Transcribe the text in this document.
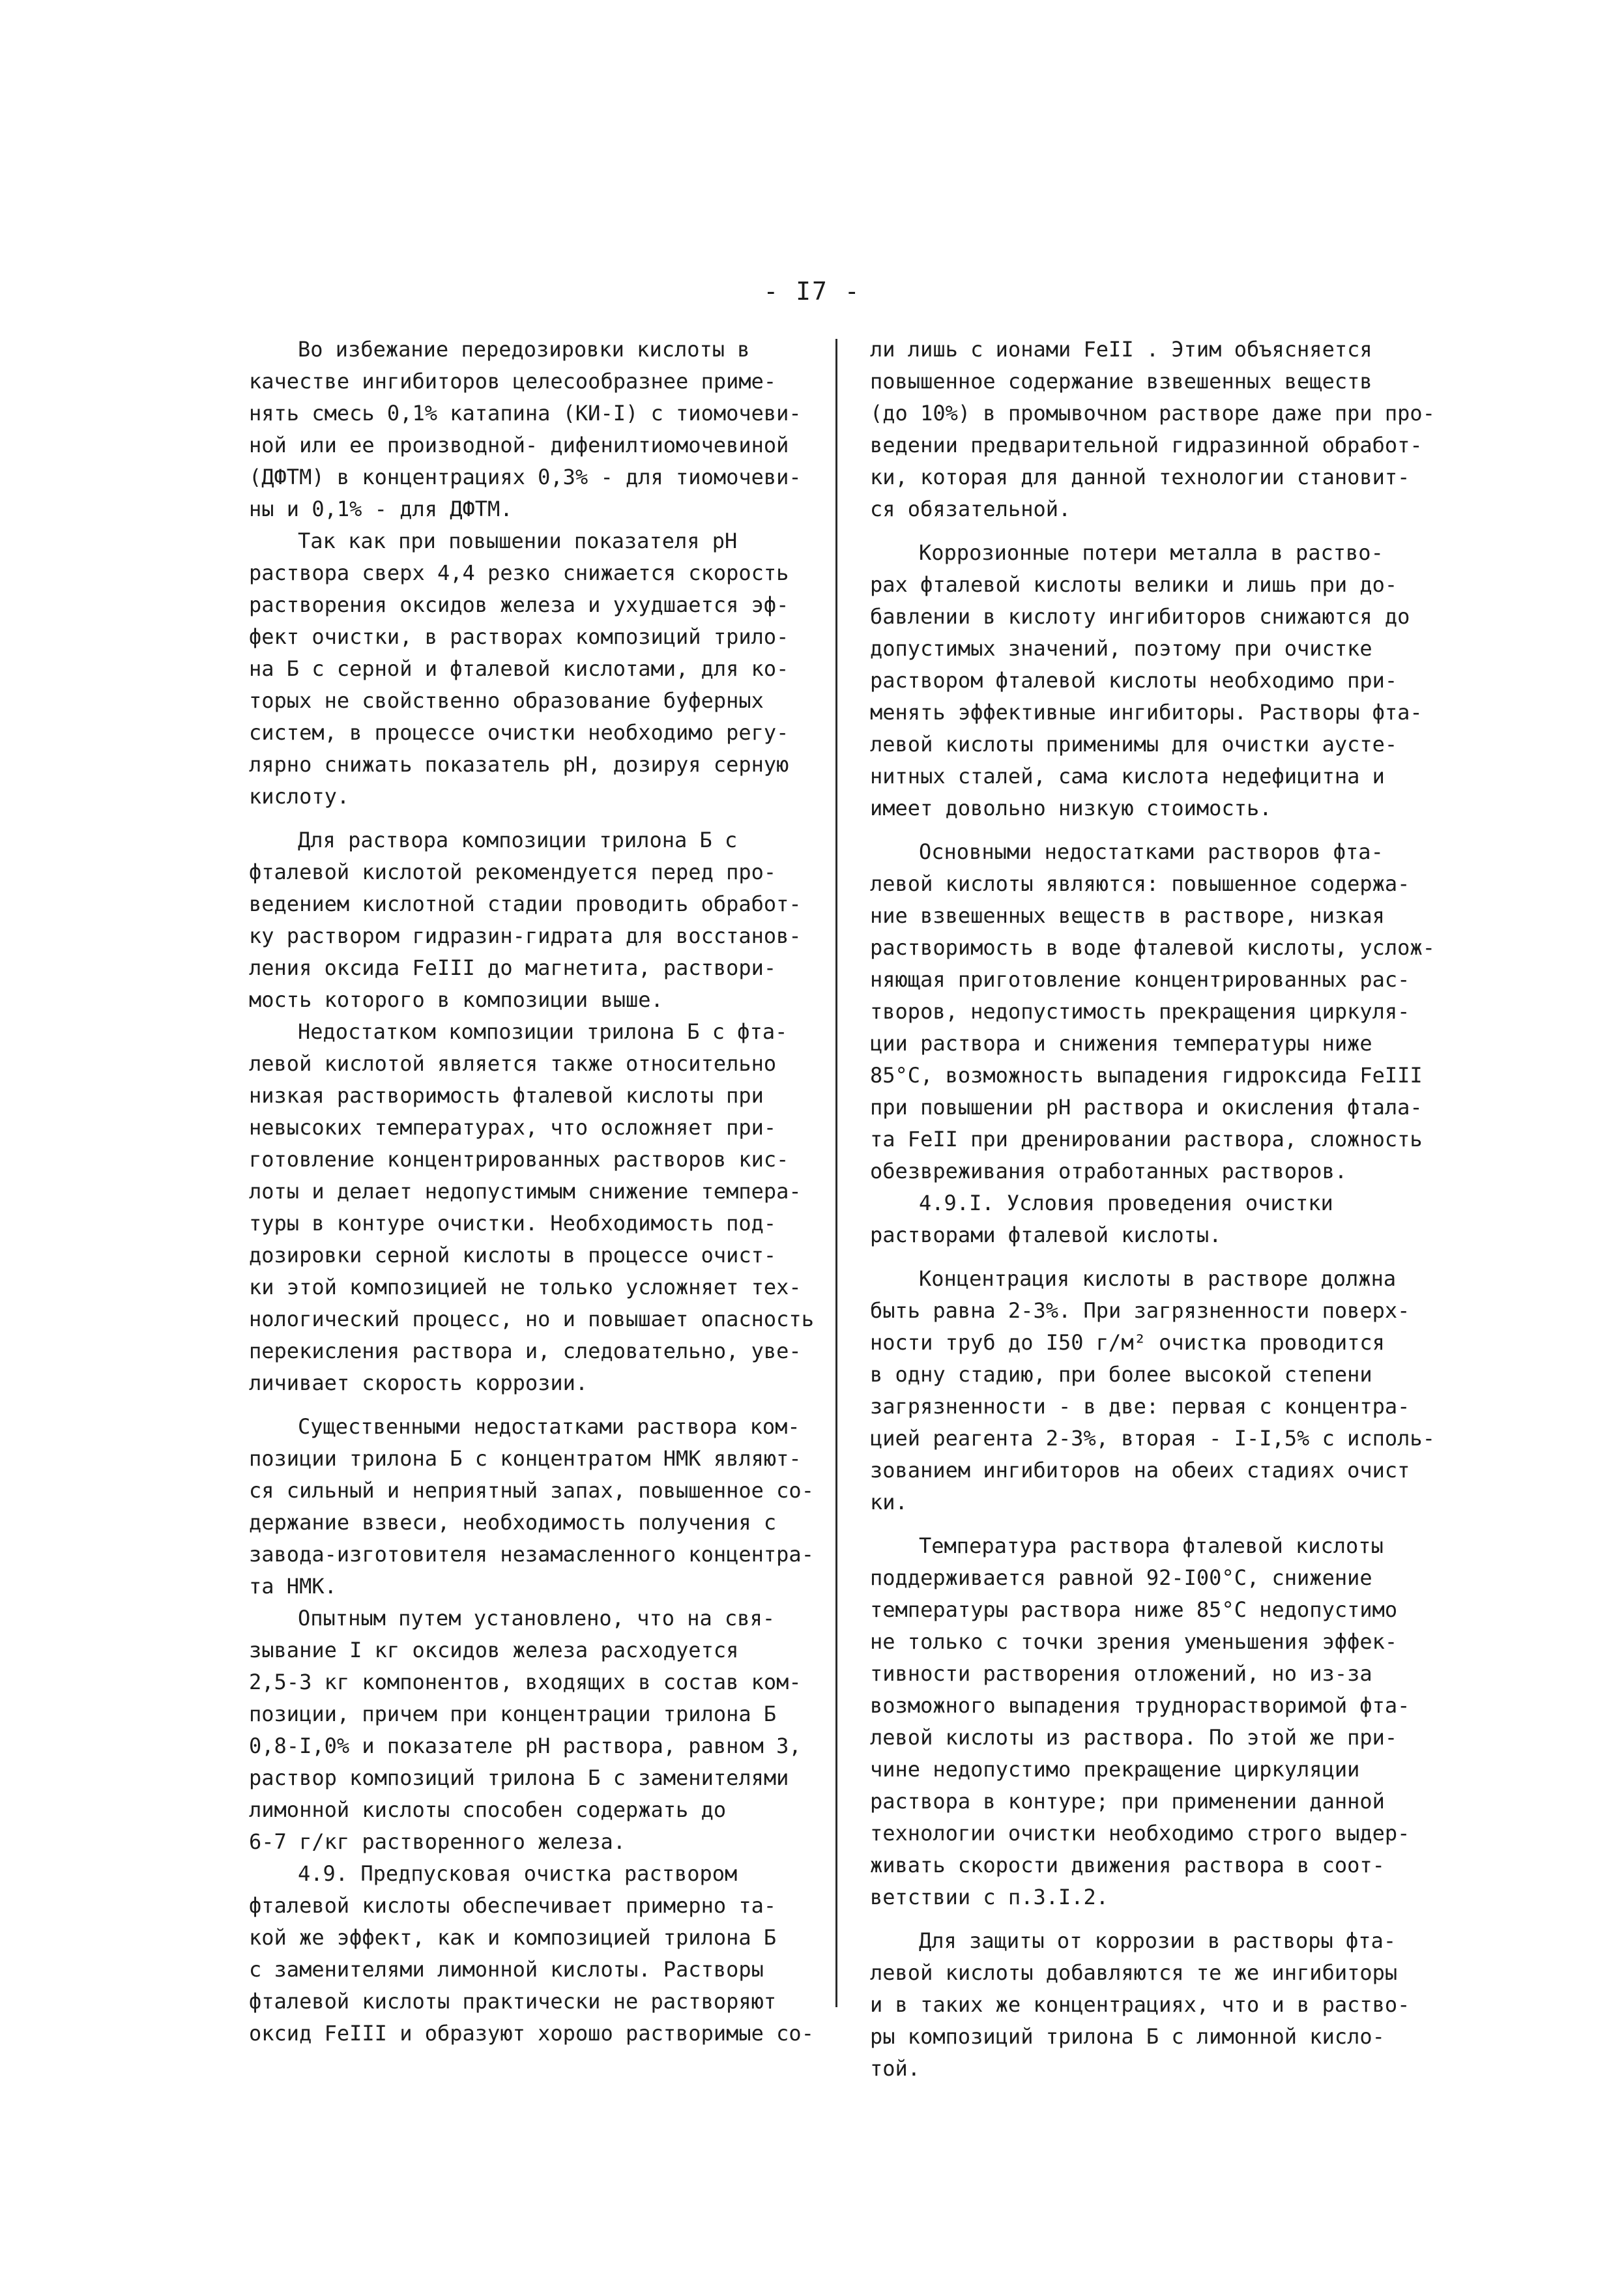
- I7 -
Во избежание передозировки кислоты в
качестве ингибиторов целесообразнее приме-
нять смесь 0,1% катапина (КИ-I) с тиомочеви-
ной или ее производной- дифенилтиомочевиной
(ДФТМ) в концентрациях 0,3% - для тиомочеви-
ны и 0,1% - для ДФТМ.
Так как при повышении показателя pH
раствора сверх 4,4 резко снижается скорость
растворения оксидов железа и ухудшается эф-
фект очистки, в растворах композиций трило-
на Б с серной и фталевой кислотами, для ко-
торых не свойственно образование буферных
систем, в процессе очистки необходимо регу-
лярно снижать показатель pH, дозируя серную
кислоту.
Для раствора композиции трилона Б с
фталевой кислотой рекомендуется перед про-
ведением кислотной стадии проводить обработ-
ку раствором гидразин-гидрата для восстанов-
ления оксида FeIII до магнетита, раствори-
мость которого в композиции выше.
Недостатком композиции трилона Б с фта-
левой кислотой является также относительно
низкая растворимость фталевой кислоты при
невысоких температурах, что осложняет при-
готовление концентрированных растворов кис-
лоты и делает недопустимым снижение темпера-
туры в контуре очистки. Необходимость под-
дозировки серной кислоты в процессе очист-
ки этой композицией не только усложняет тех-
нологический процесс, но и повышает опасность
перекисления раствора и, следовательно, уве-
личивает скорость коррозии.
Существенными недостатками раствора ком-
позиции трилона Б с концентратом НМК являют-
ся сильный и неприятный запах, повышенное со-
держание взвеси, необходимость получения с
завода-изготовителя незамасленного концентра-
та НМК.
Опытным путем установлено, что на свя-
зывание I кг оксидов железа расходуется
2,5-3 кг компонентов, входящих в состав ком-
позиции, причем при концентрации трилона Б
0,8-I,0% и показателе pH раствора, равном 3,
раствор композиций трилона Б с заменителями
лимонной кислоты способен содержать до
6-7 г/кг растворенного железа.
4.9. Предпусковая очистка раствором
фталевой кислоты обеспечивает примерно та-
кой же эффект, как и композицией трилона Б
с заменителями лимонной кислоты. Растворы
фталевой кислоты практически не растворяют
оксид FeIII и образуют хорошо растворимые со-
ли лишь с ионами FeII . Этим объясняется
повышенное содержание взвешенных веществ
(до 10%) в промывочном растворе даже при про-
ведении предварительной гидразинной обработ-
ки, которая для данной технологии становит-
ся обязательной.
Коррозионные потери металла в раство-
рах фталевой кислоты велики и лишь при до-
бавлении в кислоту ингибиторов снижаются до
допустимых значений, поэтому при очистке
раствором фталевой кислоты необходимо при-
менять эффективные ингибиторы. Растворы фта-
левой кислоты применимы для очистки аусте-
нитных сталей, сама кислота недефицитна и
имеет довольно низкую стоимость.
Основными недостатками растворов фта-
левой кислоты являются: повышенное содержа-
ние взвешенных веществ в растворе, низкая
растворимость в воде фталевой кислоты, услож-
няющая приготовление концентрированных рас-
творов, недопустимость прекращения циркуля-
ции раствора и снижения температуры ниже
85°С, возможность выпадения гидроксида FeIII
при повышении pH раствора и окисления фтала-
та FeII при дренировании раствора, сложность
обезвреживания отработанных растворов.
4.9.I. Условия проведения очистки
растворами фталевой кислоты.
Концентрация кислоты в растворе должна
быть равна 2-3%. При загрязненности поверх-
ности труб до I50 г/м² очистка проводится
в одну стадию, при более высокой степени
загрязненности - в две: первая с концентра-
цией реагента 2-3%, вторая - I-I,5% с исполь-
зованием ингибиторов на обеих стадиях очист
ки.
Температура раствора фталевой кислоты
поддерживается равной 92-I00°С, снижение
температуры раствора ниже 85°С недопустимо
не только с точки зрения уменьшения эффек-
тивности растворения отложений, но из-за
возможного выпадения труднорастворимой фта-
левой кислоты из раствора. По этой же при-
чине недопустимо прекращение циркуляции
раствора в контуре; при применении данной
технологии очистки необходимо строго выдер-
живать скорости движения раствора в соот-
ветствии с п.3.I.2.
Для защиты от коррозии в растворы фта-
левой кислоты добавляются те же ингибиторы
и в таких же концентрациях, что и в раство-
ры композиций трилона Б с лимонной кисло-
той.
